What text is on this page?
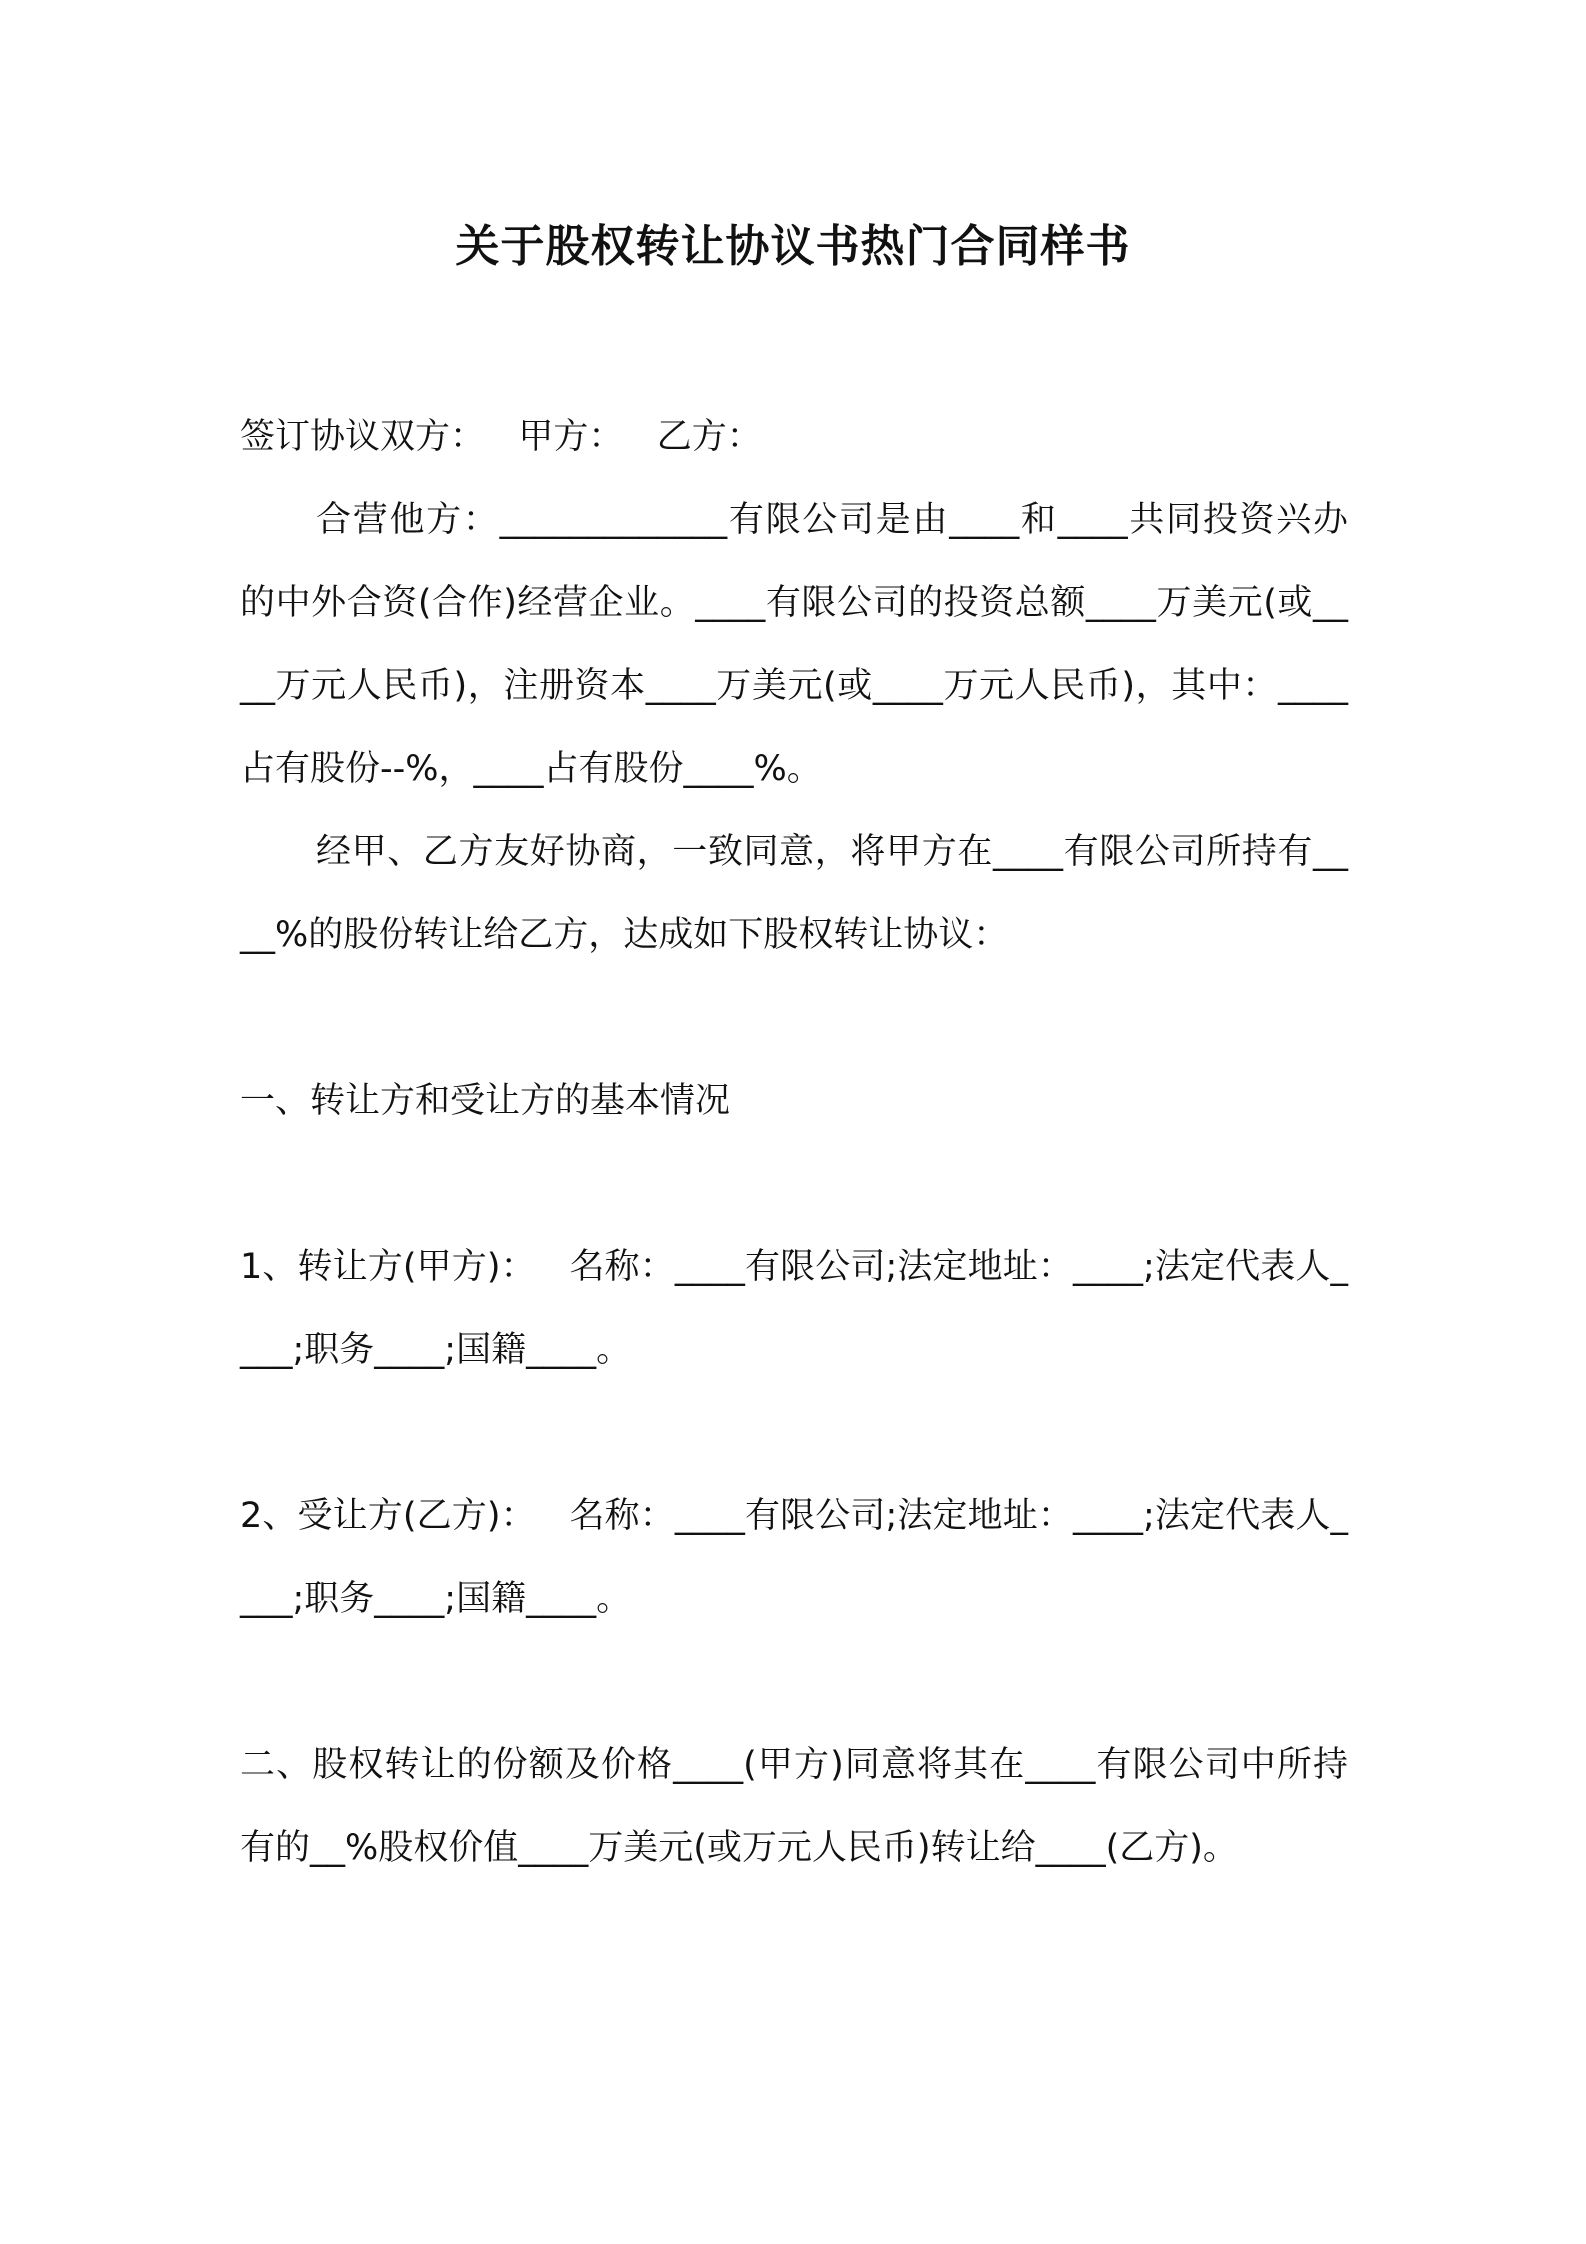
关于股权转让协议书热门合同样书
签订协议双方：   甲方：   乙方：
合营他方：_____________有限公司是由____和____共同投资兴办的中外合资(合作)经营企业。____有限公司的投资总额____万美元(或____万元人民币)，注册资本____万美元(或____万元人民币)，其中：____占有股份--%，____占有股份____%。
经甲、乙方友好协商，一致同意，将甲方在____有限公司所持有____%的股份转让给乙方，达成如下股权转让协议：
一、转让方和受让方的基本情况
1、转让方(甲方)：   名称：____有限公司;法定地址：____;法定代表人____;职务____;国籍____。
2、受让方(乙方)：   名称：____有限公司;法定地址：____;法定代表人____;职务____;国籍____。
二、股权转让的份额及价格____(甲方)同意将其在____有限公司中所持有的__%股权价值____万美元(或万元人民币)转让给____(乙方)。
